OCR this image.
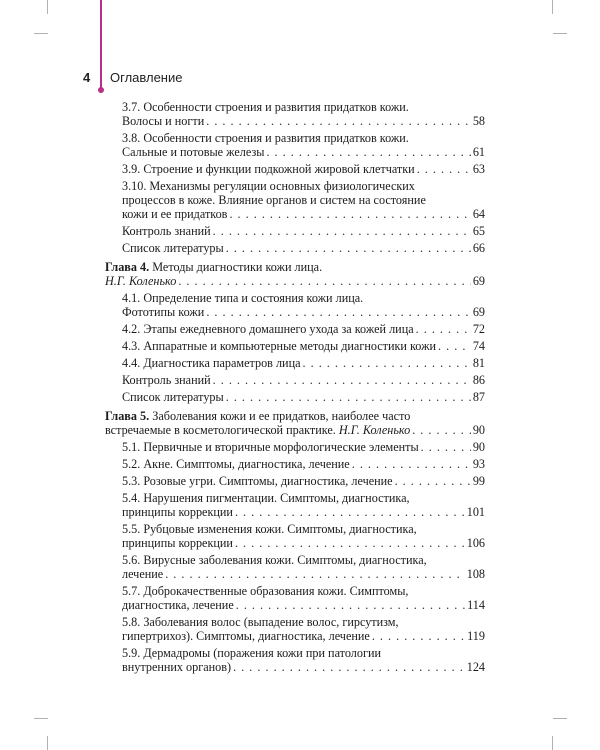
4 Оглавление
3.7. Особенности строения и развития придатков кожи.
Волосы и ногти . . .	58
3.8. Особенности строения и развития придатков кожи.
Сальные и потовые железы . . .	61
3.9. Строение и функции подкожной жировой клетчатки . . .	63
3.10. Механизмы регуляции основных физиологических
процессов в коже. Влияние органов и систем на состояние
кожи и ее придатков . . .	64
Контроль знаний . . .	65
Список литературы . . .	66
Глава 4. Методы диагностики кожи лица.
Н.Г. Коленько . . .	69
4.1. Определение типа и состояния кожи лица.
Фототипы кожи . . .	69
4.2. Этапы ежедневного домашнего ухода за кожей лица . . .	72
4.3. Аппаратные и компьютерные методы диагностики кожи . . .	74
4.4. Диагностика параметров лица . . .	81
Контроль знаний . . .	86
Список литературы . . .	87
Глава 5. Заболевания кожи и ее придатков, наиболее часто
встречаемые в косметологической практике. Н.Г. Коленько . . .	90
5.1. Первичные и вторичные морфологические элементы . . .	90
5.2. Акне. Симптомы, диагностика, лечение . . .	93
5.3. Розовые угри. Симптомы, диагностика, лечение . . .	99
5.4. Нарушения пигментации. Симптомы, диагностика,
принципы коррекции . . .	101
5.5. Рубцовые изменения кожи. Симптомы, диагностика,
принципы коррекции . . .	106
5.6. Вирусные заболевания кожи. Симптомы, диагностика,
лечение . . .	108
5.7. Доброкачественные образования кожи. Симптомы,
диагностика, лечение . . .	114
5.8. Заболевания волос (выпадение волос, гирсутизм,
гипертрихоз). Симптомы, диагностика, лечение . . .	119
5.9. Дермадромы (поражения кожи при патологии
внутренних органов) . . .	124
